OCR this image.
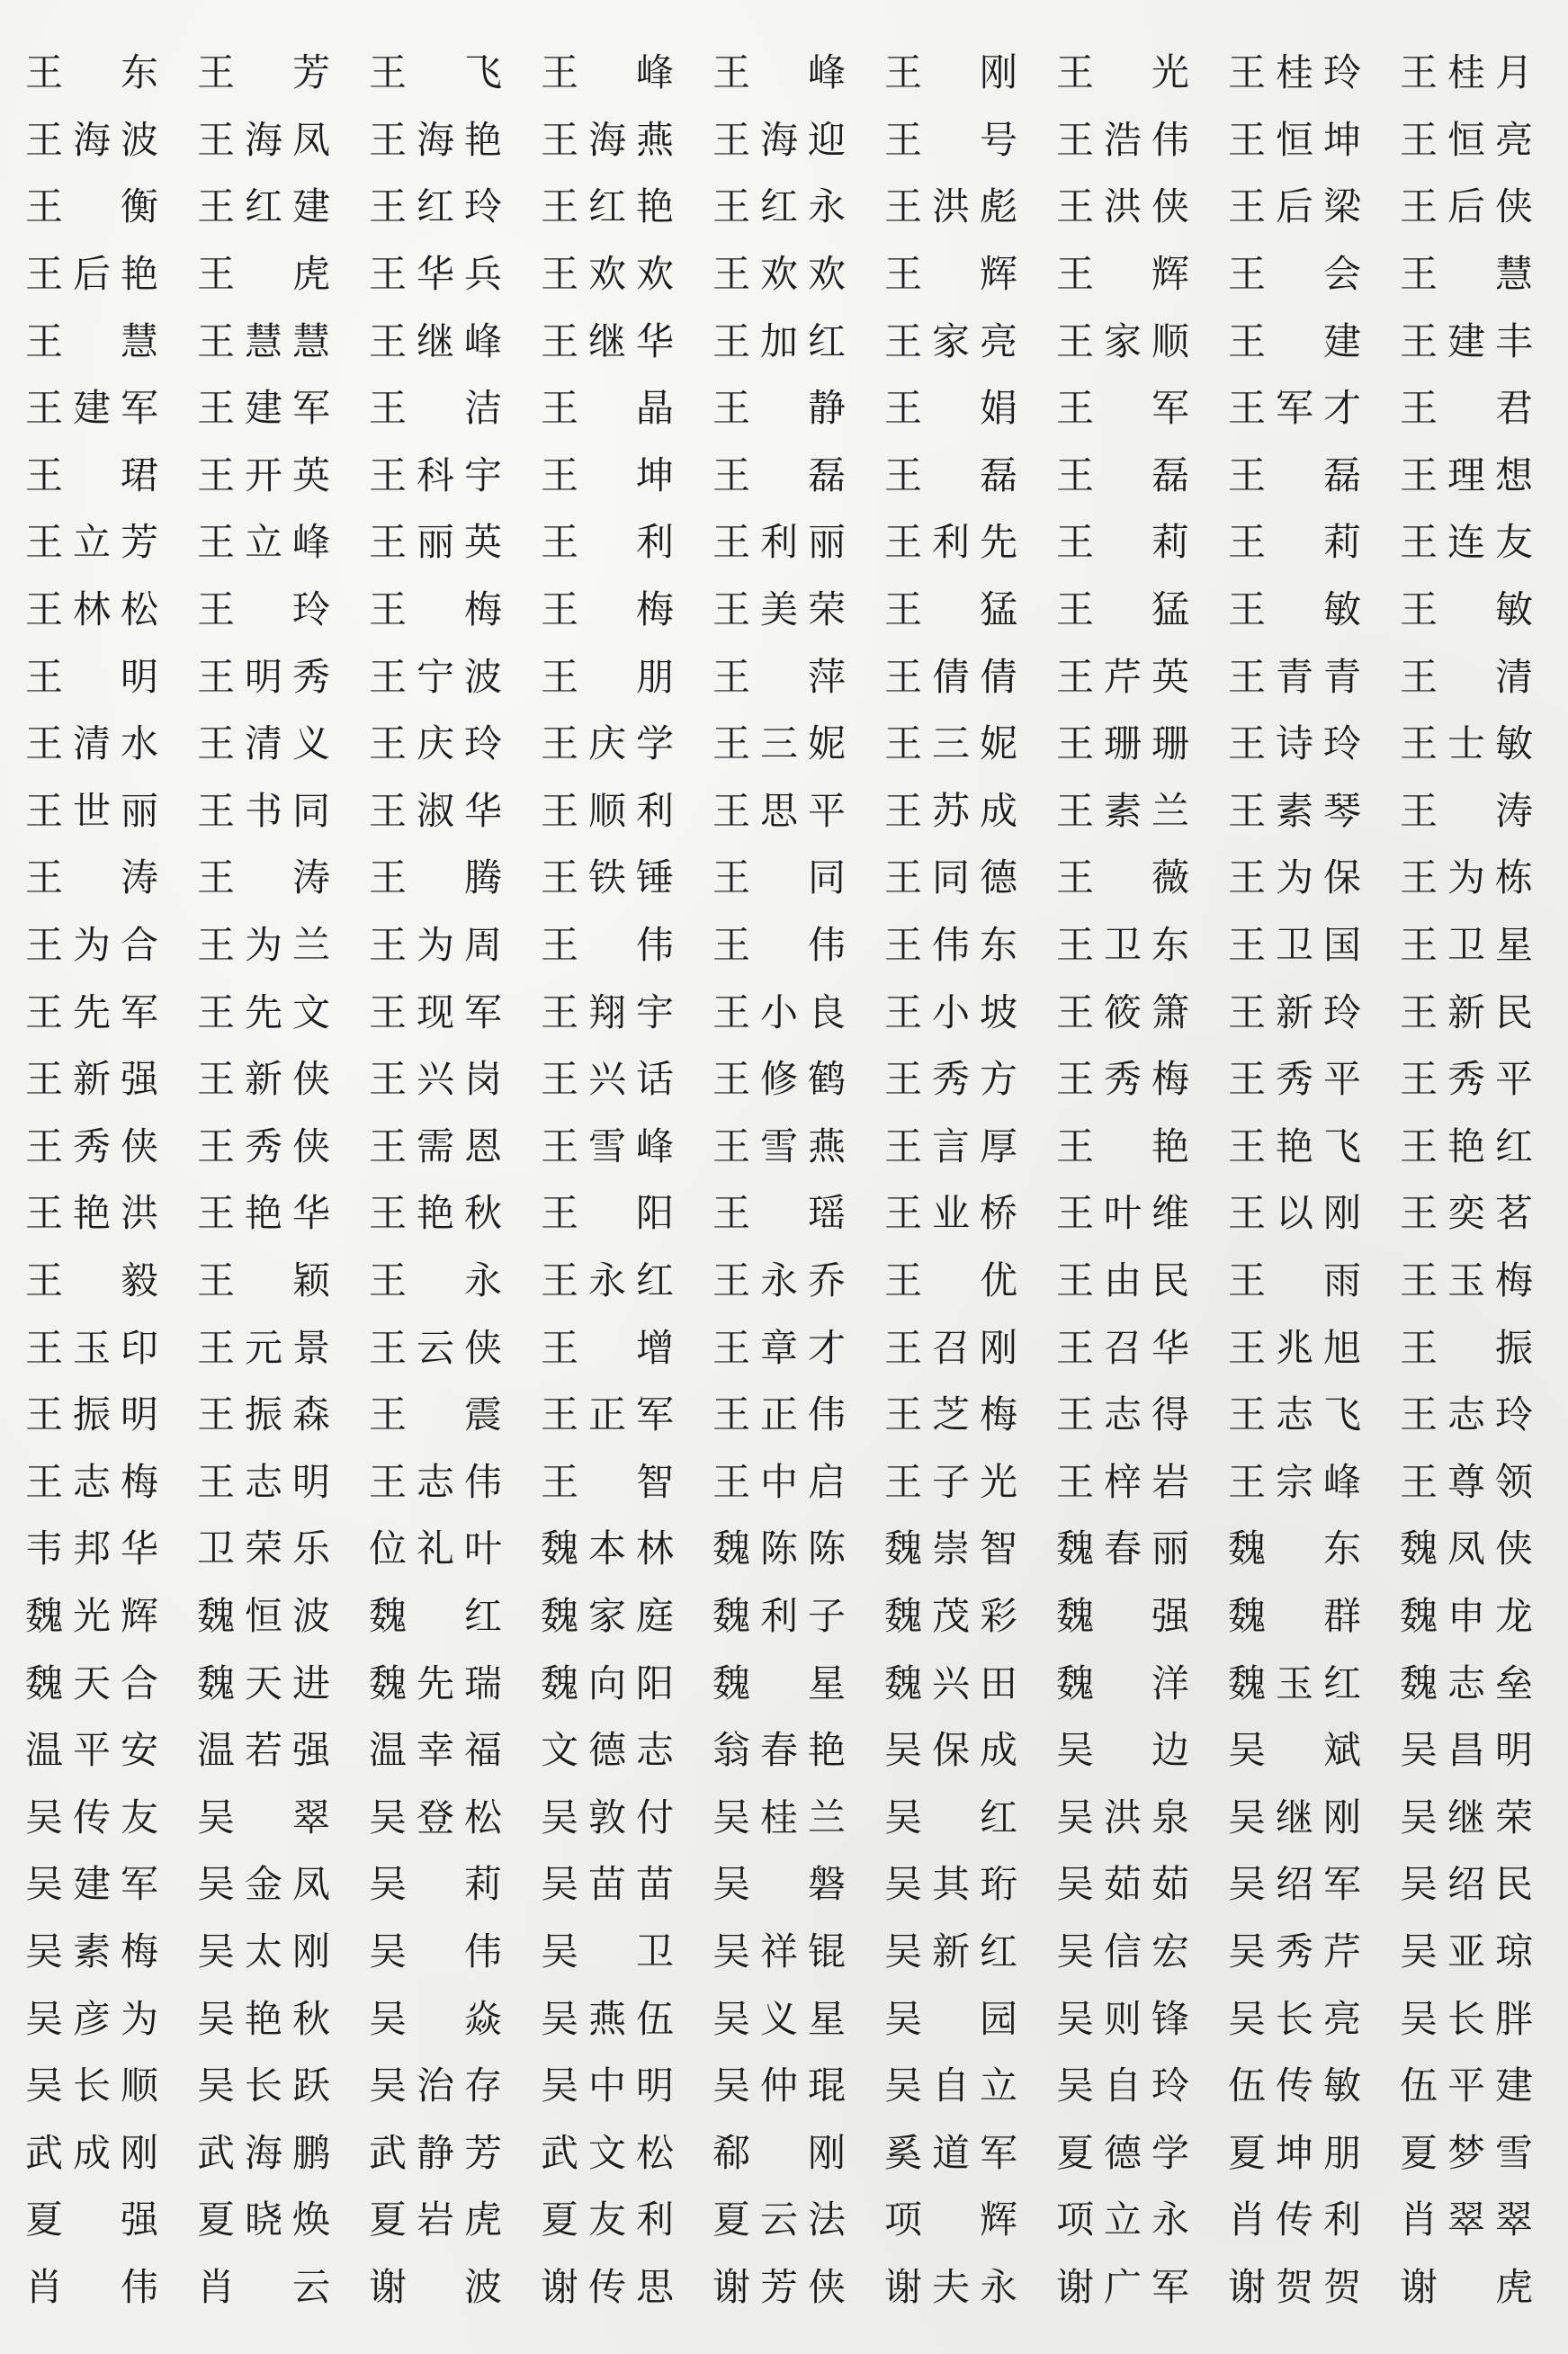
王 东 王 芳 王 飞 王 峰 王 峰 王 刚 王 光 王桂玲 王桂月
王海波 王海凤 王海艳 王海燕 王海迎 王 号 王浩伟 王恒坤 王恒亮
王 衡 王红建 王红玲 王红艳 王红永 王洪彪 王洪侠 王后梁 王后侠
王后艳 王 虎 王华兵 王欢欢 王欢欢 王 辉 王 辉 王 会 王 慧
王 慧 王慧慧 王继峰 王继华 王加红 王家亮 王家顺 王 建 王建丰
王建军 王建军 王 洁 王 晶 王 静 王 娟 王 军 王军才 王 君
王 珺 王开英 王科宇 王 坤 王 磊 王 磊 王 磊 王 磊 王理想
王立芳 王立峰 王丽英 王 利 王利丽 王利先 王 莉 王 莉 王连友
王林松 王 玲 王 梅 王 梅 王美荣 王 猛 王 猛 王 敏 王 敏
王 明 王明秀 王宁波 王 朋 王 萍 王倩倩 王芹英 王青青 王 清
王清水 王清义 王庆玲 王庆学 王三妮 王三妮 王珊珊 王诗玲 王士敏
王世丽 王书同 王淑华 王顺利 王思平 王苏成 王素兰 王素琴 王 涛
王 涛 王 涛 王 腾 王铁锤 王 同 王同德 王 薇 王为保 王为栋
王为合 王为兰 王为周 王 伟 王 伟 王伟东 王卫东 王卫国 王卫星
王先军 王先文 王现军 王翔宇 王小良 王小坡 王筱箫 王新玲 王新民
王新强 王新侠 王兴岗 王兴话 王修鹤 王秀方 王秀梅 王秀平 王秀平
王秀侠 王秀侠 王需恩 王雪峰 王雪燕 王言厚 王 艳 王艳飞 王艳红
王艳洪 王艳华 王艳秋 王 阳 王 瑶 王业桥 王叶维 王以刚 王奕茗
王 毅 王 颖 王 永 王永红 王永乔 王 优 王由民 王 雨 王玉梅
王玉印 王元景 王云侠 王 增 王章才 王召刚 王召华 王兆旭 王 振
王振明 王振森 王 震 王正军 王正伟 王芝梅 王志得 王志飞 王志玲
王志梅 王志明 王志伟 王 智 王中启 王子光 王梓岩 王宗峰 王尊领
韦邦华 卫荣乐 位礼叶 魏本林 魏陈陈 魏崇智 魏春丽 魏 东 魏凤侠
魏光辉 魏恒波 魏 红 魏家庭 魏利子 魏茂彩 魏 强 魏 群 魏申龙
魏天合 魏天进 魏先瑞 魏向阳 魏 星 魏兴田 魏 洋 魏玉红 魏志垒
温平安 温若强 温幸福 文德志 翁春艳 吴保成 吴 边 吴 斌 吴昌明
吴传友 吴 翠 吴登松 吴敦付 吴桂兰 吴 红 吴洪泉 吴继刚 吴继荣
吴建军 吴金凤 吴 莉 吴苗苗 吴 磐 吴其珩 吴茹茹 吴绍军 吴绍民
吴素梅 吴太刚 吴 伟 吴 卫 吴祥锟 吴新红 吴信宏 吴秀芹 吴亚琼
吴彦为 吴艳秋 吴 焱 吴燕伍 吴义星 吴 园 吴则锋 吴长亮 吴长胖
吴长顺 吴长跃 吴治存 吴中明 吴仲琨 吴自立 吴自玲 伍传敏 伍平建
武成刚 武海鹏 武静芳 武文松 郗 刚 奚道军 夏德学 夏坤朋 夏梦雪
夏 强 夏晓焕 夏岩虎 夏友利 夏云法 项 辉 项立永 肖传利 肖翠翠
肖 伟 肖 云 谢 波 谢传思 谢芳侠 谢夫永 谢广军 谢贺贺 谢 虎
